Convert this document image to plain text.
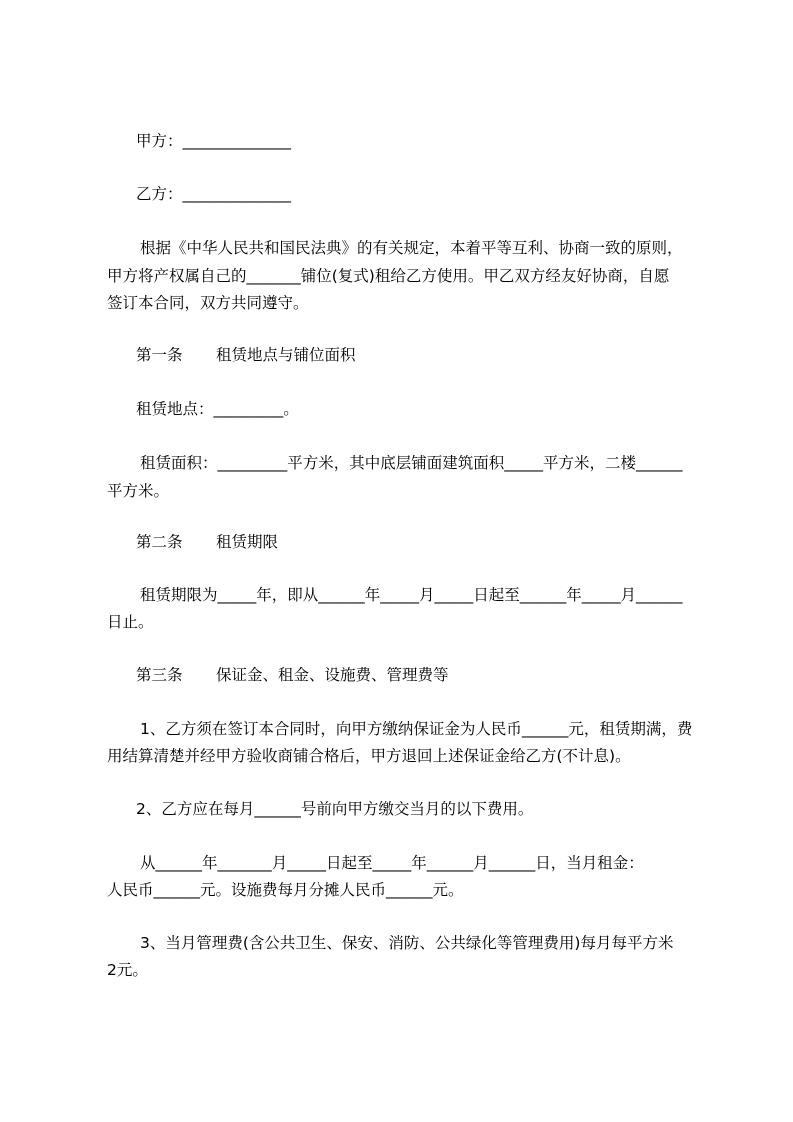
甲方：______________
乙方：______________
根据《中华人民共和国民法典》的有关规定，本着平等互利、协商一致的原则，
甲方将产权属自己的_______铺位(复式)租给乙方使用。甲乙双方经友好协商，自愿
签订本合同，双方共同遵守。
第一条 租赁地点与铺位面积
租赁地点：_________。
租赁面积：_________平方米，其中底层铺面建筑面积_____平方米，二楼______
平方米。
第二条 租赁期限
租赁期限为_____年，即从______年_____月_____日起至______年_____月______
日止。
第三条 保证金、租金、设施费、管理费等
1、乙方须在签订本合同时，向甲方缴纳保证金为人民币______元，租赁期满，费
用结算清楚并经甲方验收商铺合格后，甲方退回上述保证金给乙方(不计息)。
2、乙方应在每月______号前向甲方缴交当月的以下费用。
从______年_______月_____日起至_____年______月______日，当月租金：
人民币______元。设施费每月分摊人民币______元。
3、当月管理费(含公共卫生、保安、消防、公共绿化等管理费用)每月每平方米
2元。
